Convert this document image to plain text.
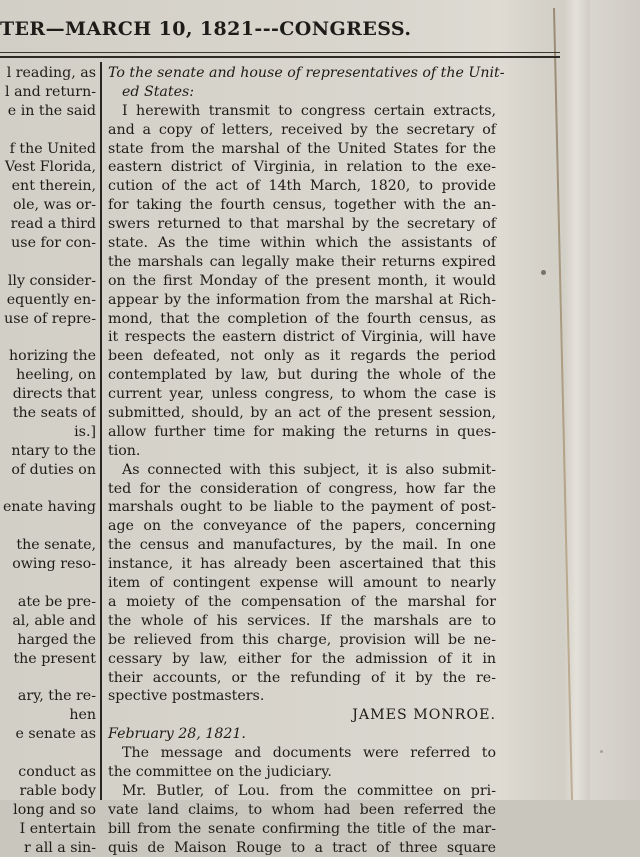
TER—MARCH 10, 1821---CONGRESS.
l reading, as
l and return-
e in the said
f the United
Vest Florida,
ent therein,
ole, was or-
read a third
use for con-
lly consider-
equently en-
use of repre-
horizing the
heeling, on
directs that
the seats of
is.]
ntary to the
of duties on
enate having
the senate,
owing reso-
ate be pre-
al, able and
harged the
the present
ary, the re-
hen
e senate as
conduct as
rable body
long and so
I entertain
r all a sin-
To the senate and house of representatives of the Unit-
ed States:
I herewith transmit to congress certain extracts,
and a copy of letters, received by the secretary of
state from the marshal of the United States for the
eastern district of Virginia, in relation to the exe-
cution of the act of 14th March, 1820, to provide
for taking the fourth census, together with the an-
swers returned to that marshal by the secretary of
state. As the time within which the assistants of
the marshals can legally make their returns expired
on the first Monday of the present month, it would
appear by the information from the marshal at Rich-
mond, that the completion of the fourth census, as
it respects the eastern district of Virginia, will have
been defeated, not only as it regards the period
contemplated by law, but during the whole of the
current year, unless congress, to whom the case is
submitted, should, by an act of the present session,
allow further time for making the returns in ques-
tion.
As connected with this subject, it is also submit-
ted for the consideration of congress, how far the
marshals ought to be liable to the payment of post-
age on the conveyance of the papers, concerning
the census and manufactures, by the mail. In one
instance, it has already been ascertained that this
item of contingent expense will amount to nearly
a moiety of the compensation of the marshal for
the whole of his services. If the marshals are to
be relieved from this charge, provision will be ne-
cessary by law, either for the admission of it in
their accounts, or the refunding of it by the re-
spective postmasters.
JAMES MONROE.
February 28, 1821.
The message and documents were referred to
the committee on the judiciary.
Mr. Butler, of Lou. from the committee on pri-
vate land claims, to whom had been referred the
bill from the senate confirming the title of the mar-
quis de Maison Rouge to a tract of three square
